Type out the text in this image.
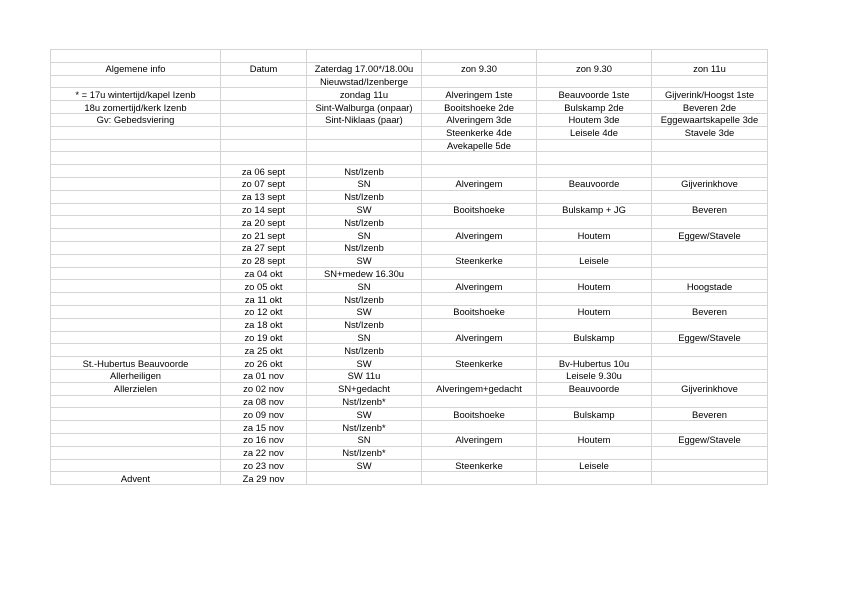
Algemene info	Datum	Zaterdag 17.00*/18.00u	zon 9.30	zon 9.30	zon 11u
		Nieuwstad/Izenberge			
* = 17u wintertijd/kapel Izenb		zondag 11u	Alveringem 1ste	Beauvoorde 1ste	Gijverink/Hoogst 1ste
18u zomertijd/kerk Izenb		Sint-Walburga (onpaar)	Booitshoeke 2de	Bulskamp 2de	Beveren 2de
Gv: Gebedsviering		Sint-Niklaas (paar)	Alveringem 3de	Houtem 3de	Eggewaartskapelle 3de
			Steenkerke 4de	Leisele 4de	Stavele 3de
			Avekapelle 5de		

	za 06 sept	Nst/Izenb			
	zo 07 sept	SN	Alveringem	Beauvoorde	Gijverinkhove
	za 13 sept	Nst/Izenb			
	zo 14 sept	SW	Booitshoeke	Bulskamp + JG	Beveren
	za 20 sept	Nst/Izenb			
	zo 21 sept	SN	Alveringem	Houtem	Eggew/Stavele
	za 27 sept	Nst/Izenb			
	zo 28 sept	SW	Steenkerke	Leisele	
	za 04 okt	SN+medew 16.30u			
	zo 05 okt	SN	Alveringem	Houtem	Hoogstade
	za 11 okt	Nst/Izenb			
	zo 12 okt	SW	Booitshoeke	Houtem	Beveren
	za 18 okt	Nst/Izenb			
	zo 19 okt	SN	Alveringem	Bulskamp	Eggew/Stavele
	za 25 okt	Nst/Izenb			
St.-Hubertus Beauvoorde	zo 26 okt	SW	Steenkerke	Bv-Hubertus 10u	
Allerheiligen	za 01 nov	SW 11u		Leisele 9.30u	
Allerzielen	zo 02 nov	SN+gedacht	Alveringem+gedacht	Beauvoorde	Gijverinkhove
	za 08 nov	Nst/Izenb*			
	zo 09 nov	SW	Booitshoeke	Bulskamp	Beveren
	za 15 nov	Nst/Izenb*			
	zo 16 nov	SN	Alveringem	Houtem	Eggew/Stavele
	za 22 nov	Nst/Izenb*			
	zo 23 nov	SW	Steenkerke	Leisele	
Advent	Za 29 nov				
